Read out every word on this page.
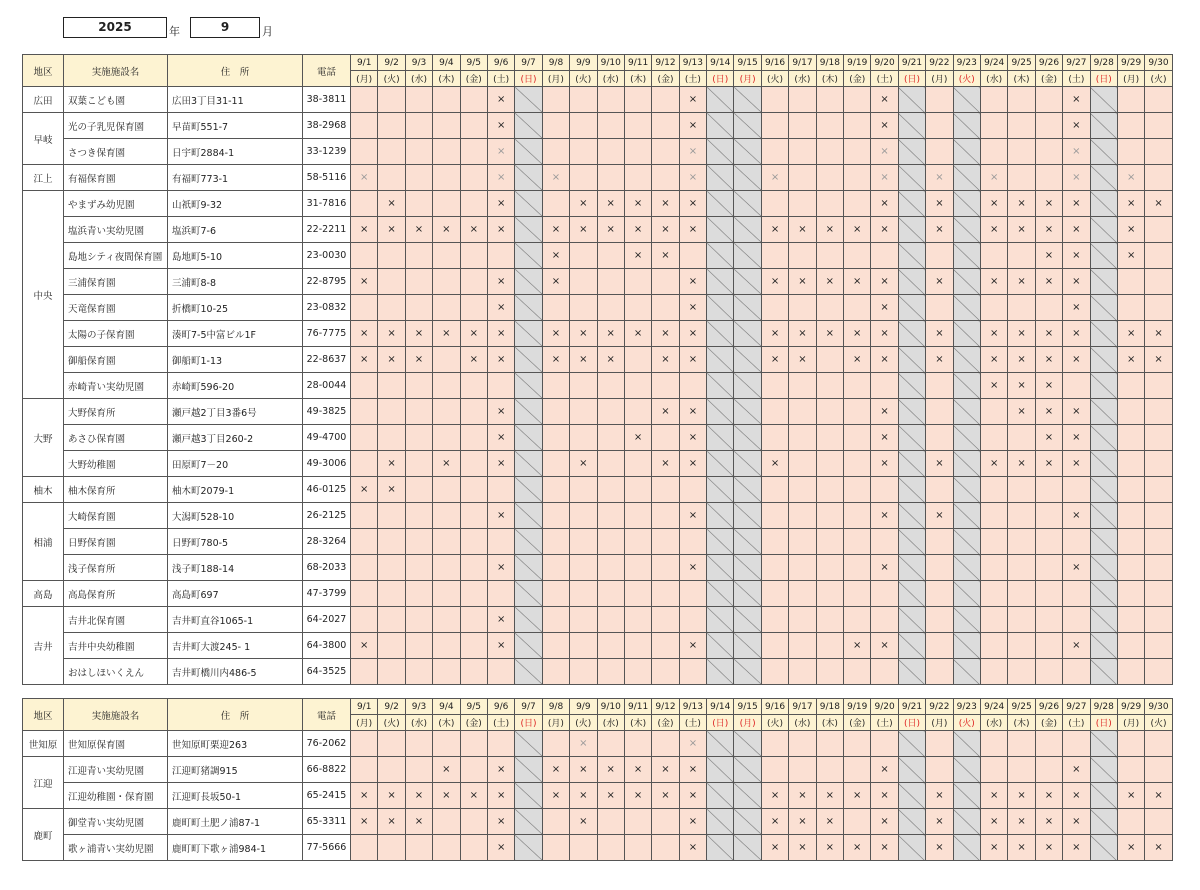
2025	年	9	月
地区	実施施設名	住　所	電話	9/1	9/2	9/3	9/4	9/5	9/6	9/7	9/8	9/9	9/10	9/11	9/12	9/13	9/14	9/15	9/16	9/17	9/18	9/19	9/20	9/21	9/22	9/23	9/24	9/25	9/26	9/27	9/28	9/29	9/30
				(月)	(火)	(水)	(木)	(金)	(土)	(日)	(月)	(火)	(水)	(木)	(金)	(土)	(日)	(月)	(火)	(水)	(木)	(金)	(土)	(日)	(月)	(火)	(水)	(木)	(金)	(土)	(日)	(月)	(火)
広田	双葉こども園	広田3丁目31-11	38-3811						×							×							×							×			
早岐	光の子乳児保育園	早苗町551-7	38-2968						×							×							×							×			
	さつき保育園	日宇町2884-1	33-1239						×							×							×							×			
江上	有福保育園	有福町773-1	58-5116	×					×		×					×			×				×		×		×			×		×	
中央	やまずみ幼児園	山祇町9-32	31-7816		×				×			×	×	×	×	×							×		×		×	×	×	×		×	×
	塩浜青い実幼児園	塩浜町7-6	22-2211	×	×	×	×	×	×		×	×	×	×	×	×			×	×	×	×	×		×		×	×	×	×		×	
	島地シティ夜間保育園	島地町5-10	23-0030								×			×	×														×	×		×	
	三浦保育園	三浦町8-8	22-8795	×					×		×					×			×	×	×	×	×		×		×	×	×	×			
	天竜保育園	折橋町10-25	23-0832						×							×							×							×			
	太陽の子保育園	湊町7-5中富ビル1F	76-7775	×	×	×	×	×	×		×	×	×	×	×	×			×	×	×	×	×		×		×	×	×	×		×	×
	御船保育園	御船町1-13	22-8637	×	×	×		×	×		×	×	×		×	×			×	×		×	×		×		×	×	×	×		×	×
	赤崎青い実幼児園	赤崎町596-20	28-0044																								×	×	×				
大野	大野保育所	瀬戸越2丁目3番6号	49-3825						×						×	×							×					×	×	×			
	あさひ保育園	瀬戸越3丁目260-2	49-4700						×					×		×							×						×	×			
	大野幼稚園	田原町7－20	49-3006		×		×		×			×			×	×			×				×		×		×	×	×	×			
柚木	柚木保育所	柚木町2079-1	46-0125	×	×																												
相浦	大崎保育園	大潟町528-10	26-2125						×							×							×		×					×			
	日野保育園	日野町780-5	28-3264																														
	浅子保育所	浅子町188-14	68-2033						×							×							×							×			
高島	高島保育所	高島町697	47-3799																														
吉井	吉井北保育園	吉井町直谷1065-1	64-2027						×																								
	吉井中央幼稚園	吉井町大渡245- 1	64-3800	×					×							×						×	×							×			
	おはしほいくえん	吉井町橋川内486-5	64-3525																														
地区	実施施設名	住　所	電話	9/1	9/2	9/3	9/4	9/5	9/6	9/7	9/8	9/9	9/10	9/11	9/12	9/13	9/14	9/15	9/16	9/17	9/18	9/19	9/20	9/21	9/22	9/23	9/24	9/25	9/26	9/27	9/28	9/29	9/30
				(月)	(火)	(水)	(木)	(金)	(土)	(日)	(月)	(火)	(水)	(木)	(金)	(土)	(日)	(月)	(火)	(水)	(木)	(金)	(土)	(日)	(月)	(火)	(水)	(木)	(金)	(土)	(日)	(月)	(火)
世知原	世知原保育園	世知原町栗迎263	76-2062									×				×																	
江迎	江迎青い実幼児園	江迎町猪調915	66-8822				×		×		×	×	×	×	×	×							×							×			
	江迎幼稚園・保育園	江迎町長坂50-1	65-2415	×	×	×	×	×	×		×	×	×	×	×	×			×	×	×	×	×		×		×	×	×	×		×	×
鹿町	御堂青い実幼児園	鹿町町土肥ノ浦87-1	65-3311	×	×	×			×			×				×			×	×	×		×		×		×	×	×	×			
	歌ヶ浦青い実幼児園	鹿町町下歌ヶ浦984-1	77-5666						×							×			×	×	×	×	×		×		×	×	×	×		×	×
